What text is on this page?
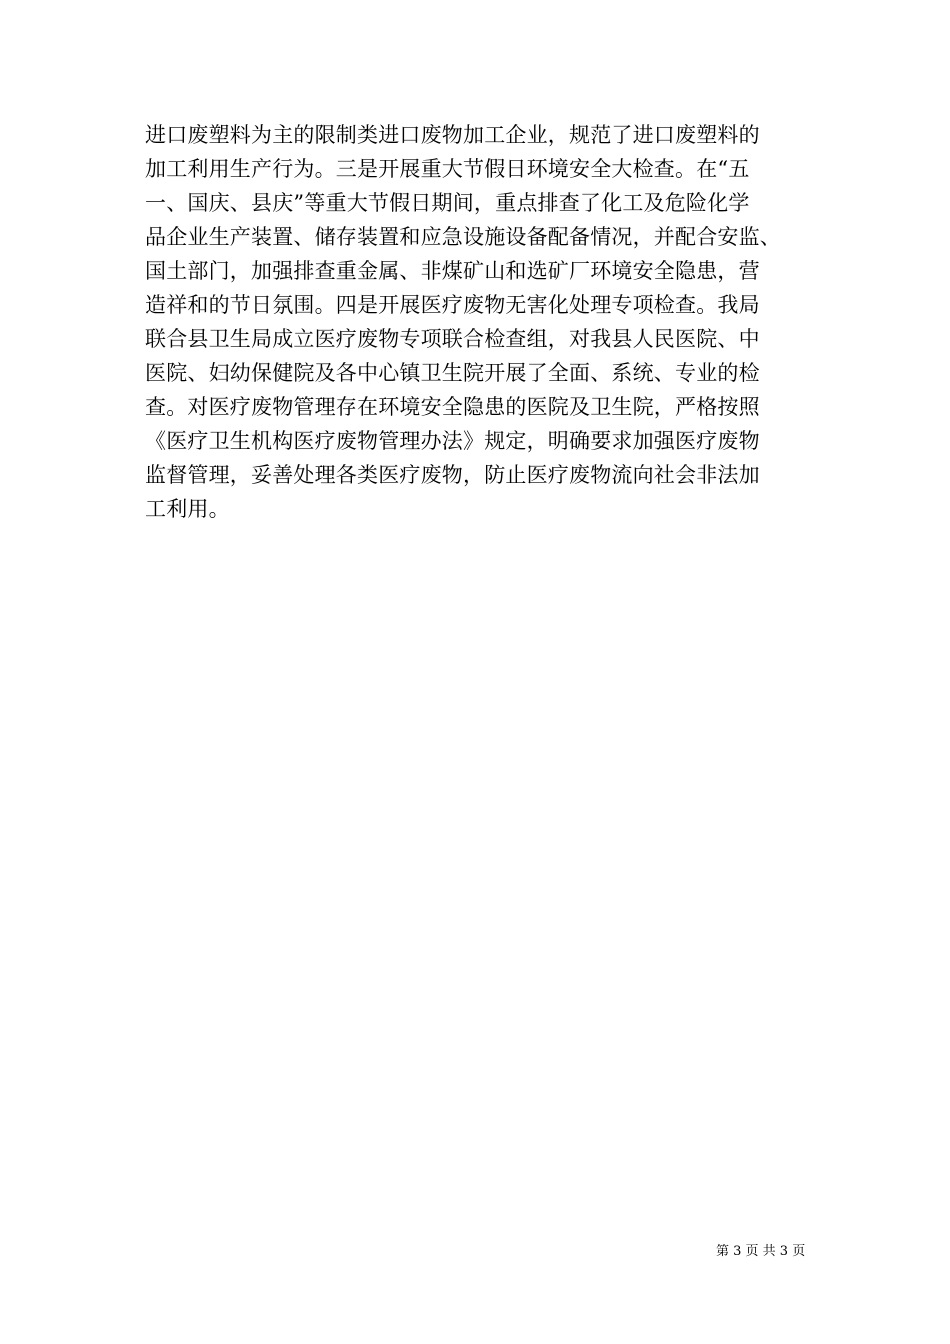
进口废塑料为主的限制类进口废物加工企业，规范了进口废塑料的
加工利用生产行为。三是开展重大节假日环境安全大检查。在“五
一、国庆、县庆”等重大节假日期间，重点排查了化工及危险化学
品企业生产装置、储存装置和应急设施设备配备情况，并配合安监、
国土部门，加强排查重金属、非煤矿山和选矿厂环境安全隐患，营
造祥和的节日氛围。四是开展医疗废物无害化处理专项检查。我局
联合县卫生局成立医疗废物专项联合检查组，对我县人民医院、中
医院、妇幼保健院及各中心镇卫生院开展了全面、系统、专业的检
查。对医疗废物管理存在环境安全隐患的医院及卫生院，严格按照
《医疗卫生机构医疗废物管理办法》规定，明确要求加强医疗废物
监督管理，妥善处理各类医疗废物，防止医疗废物流向社会非法加
工利用。
第 3 页 共 3 页
